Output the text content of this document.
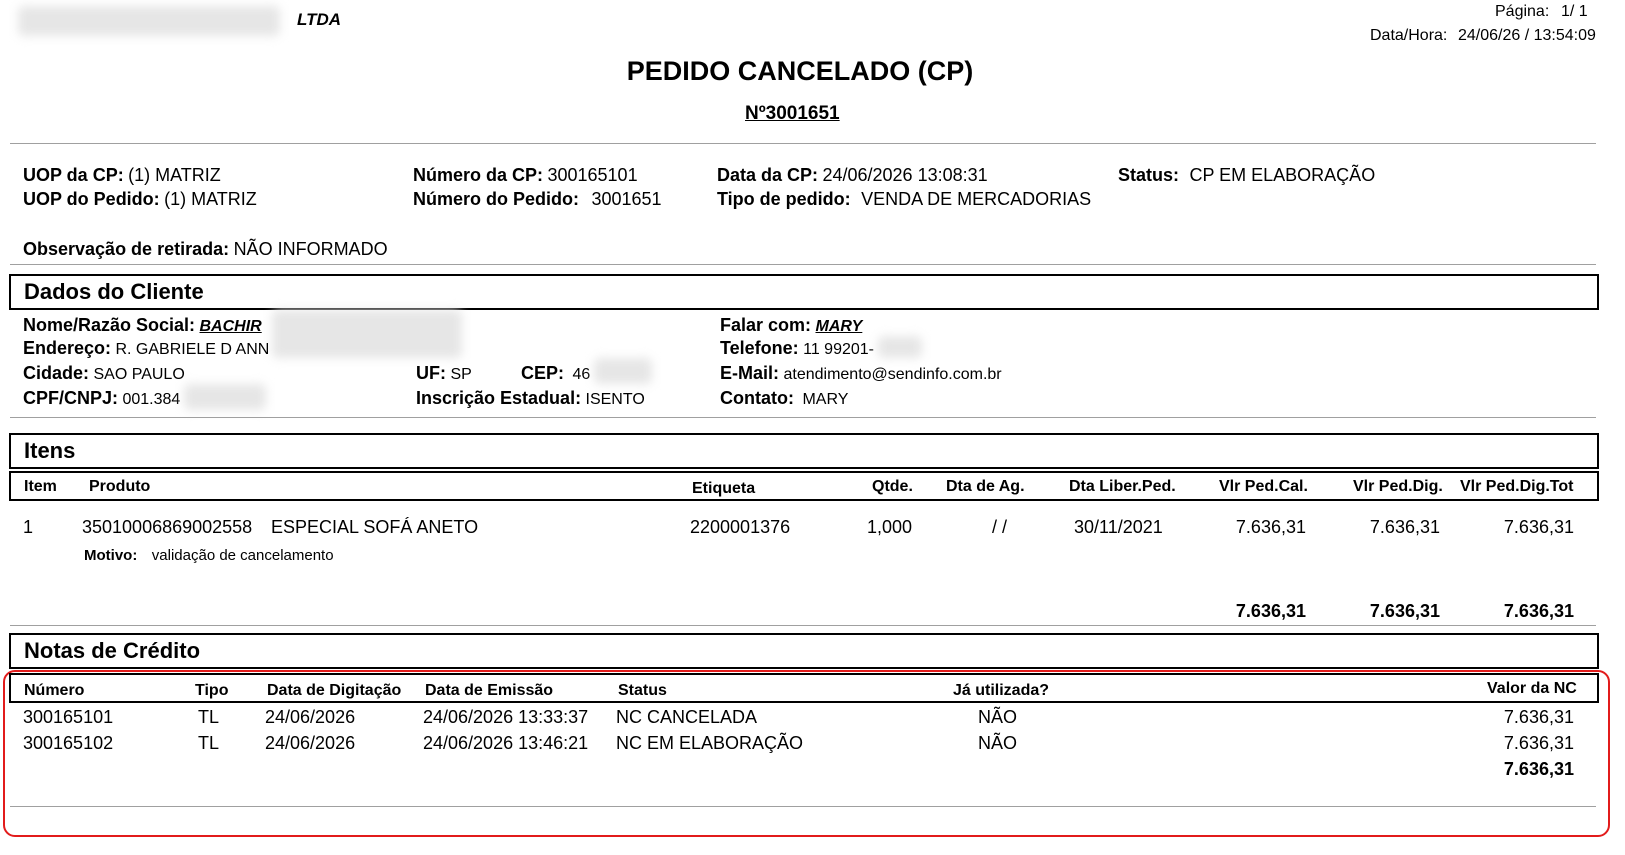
LTDA	Página: 1/ 1
Data/Hora: 24/06/26 / 13:54:09
PEDIDO CANCELADO (CP)
Nº3001651
UOP da CP: (1) MATRIZ
UOP do Pedido: (1) MATRIZ
Número da CP: 300165101
Número do Pedido: 3001651
Data da CP: 24/06/2026 13:08:31
Tipo de pedido: VENDA DE MERCADORIAS
Status: CP EM ELABORAÇÃO
Observação de retirada: NÃO INFORMADO
Dados do Cliente
Nome/Razão Social: BACHIR
Endereço: R. GABRIELE D ANN
Cidade: SAO PAULO	UF: SP	CEP: 46
CPF/CNPJ: 001.384	Inscrição Estadual: ISENTO
Falar com: MARY
Telefone: 11 99201-
E-Mail: atendimento@sendinfo.com.br
Contato: MARY
Itens
Item Produto	Etiqueta	Qtde. Dta de Ag.	Dta Liber.Ped.	Vlr Ped.Cal.	Vlr Ped.Dig. Vlr Ped.Dig.Tot
1	35010006869002558 ESPECIAL SOFÁ ANETO	2200001376	1,000	/ /	30/11/2021	7.636,31	7.636,31	7.636,31
Motivo: validação de cancelamento
7.636,31	7.636,31	7.636,31
Notas de Crédito
Número	Tipo Data de Digitação Data de Emissão	Status	Já utilizada?	Valor da NC
300165101	TL	24/06/2026	24/06/2026 13:33:37 NC CANCELADA	NÃO	7.636,31
300165102	TL	24/06/2026	24/06/2026 13:46:21 NC EM ELABORAÇÃO	NÃO	7.636,31
7.636,31
